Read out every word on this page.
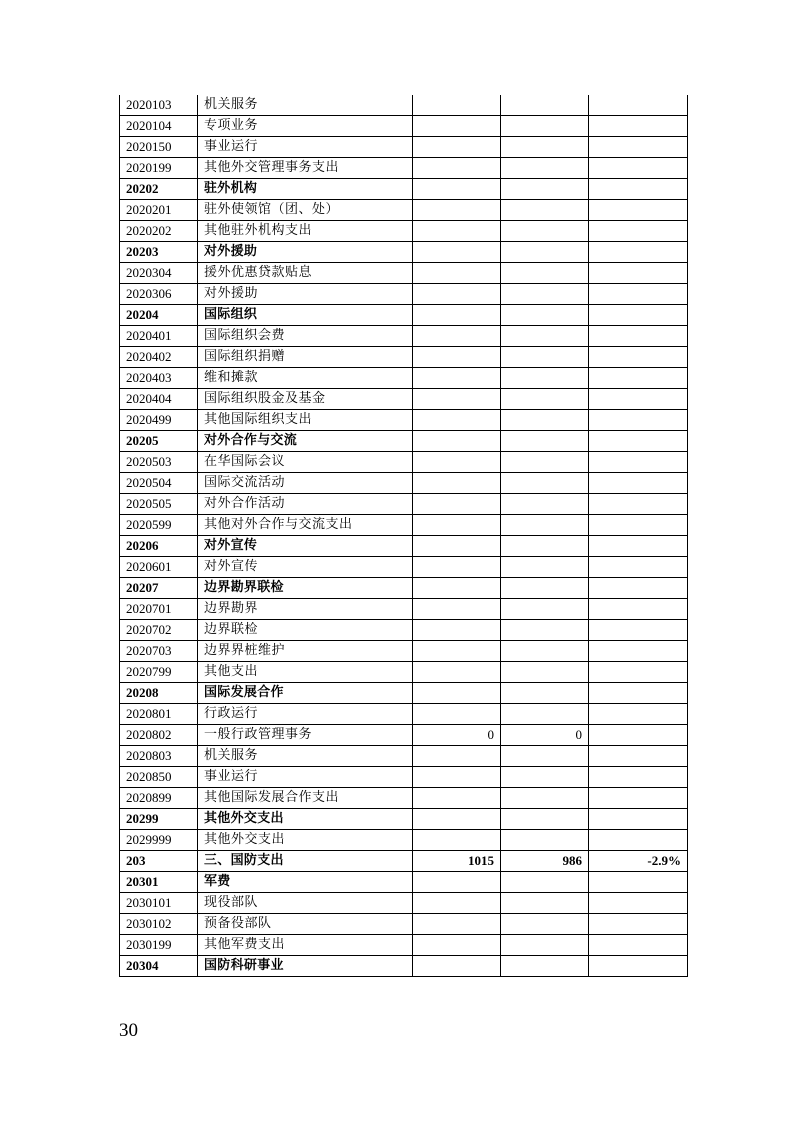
2020103	机关服务			
2020104	专项业务			
2020150	事业运行			
2020199	其他外交管理事务支出			
20202	驻外机构			
2020201	驻外使领馆（团、处）			
2020202	其他驻外机构支出			
20203	对外援助			
2020304	援外优惠贷款贴息			
2020306	对外援助			
20204	国际组织			
2020401	国际组织会费			
2020402	国际组织捐赠			
2020403	维和摊款			
2020404	国际组织股金及基金			
2020499	其他国际组织支出			
20205	对外合作与交流			
2020503	在华国际会议			
2020504	国际交流活动			
2020505	对外合作活动			
2020599	其他对外合作与交流支出			
20206	对外宣传			
2020601	对外宣传			
20207	边界勘界联检			
2020701	边界勘界			
2020702	边界联检			
2020703	边界界桩维护			
2020799	其他支出			
20208	国际发展合作			
2020801	行政运行			
2020802	一般行政管理事务	0	0	
2020803	机关服务			
2020850	事业运行			
2020899	其他国际发展合作支出			
20299	其他外交支出			
2029999	其他外交支出			
203	三、国防支出	1015	986	-2.9%
20301	军费			
2030101	现役部队			
2030102	预备役部队			
2030199	其他军费支出			
20304	国防科研事业			
30
